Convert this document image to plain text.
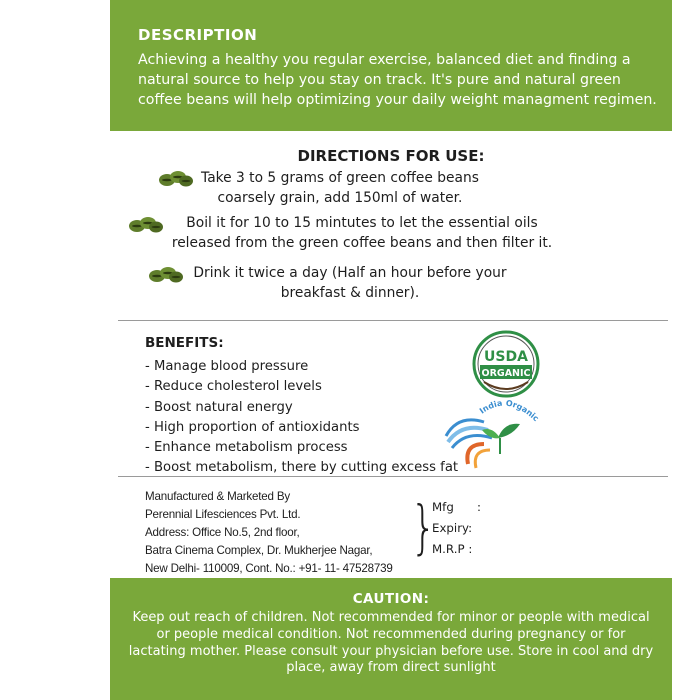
DESCRIPTION

Achieving a healthy you regular exercise, balanced diet and finding a natural source to help you stay on track. It's pure and natural green coffee beans will help optimizing your daily weight managment regimen.

DIRECTIONS FOR USE:
Take 3 to 5 grams of green coffee beans
coarsely grain, add 150ml of water.
Boil it for 10 to 15 mintutes to let the essential oils
released from the green coffee beans and then filter it.
Drink it twice a day (Half an hour before your
breakfast & dinner).
BENEFITS:
- Manage blood pressure
- Reduce cholesterol levels
- Boost natural energy
- High proportion of antioxidants
- Enhance metabolism process
- Boost metabolism, there by cutting excess fat
USDA
ORGANIC
India Organic
Manufactured & Marketed By
Perennial Lifesciences Pvt. Ltd.
Address: Office No.5, 2nd floor,
Batra Cinema Complex, Dr. Mukherjee Nagar,
New Delhi- 110009, Cont. No.: +91- 11- 47528739
}
Mfg :
Expiry:
M.R.P :
CAUTION:

Keep out reach of children. Not recommended for minor or people with medical or people medical condition. Not recommended during pregnancy or for lactating mother. Please consult your physician before use. Store in cool and dry place, away from direct sunlight
